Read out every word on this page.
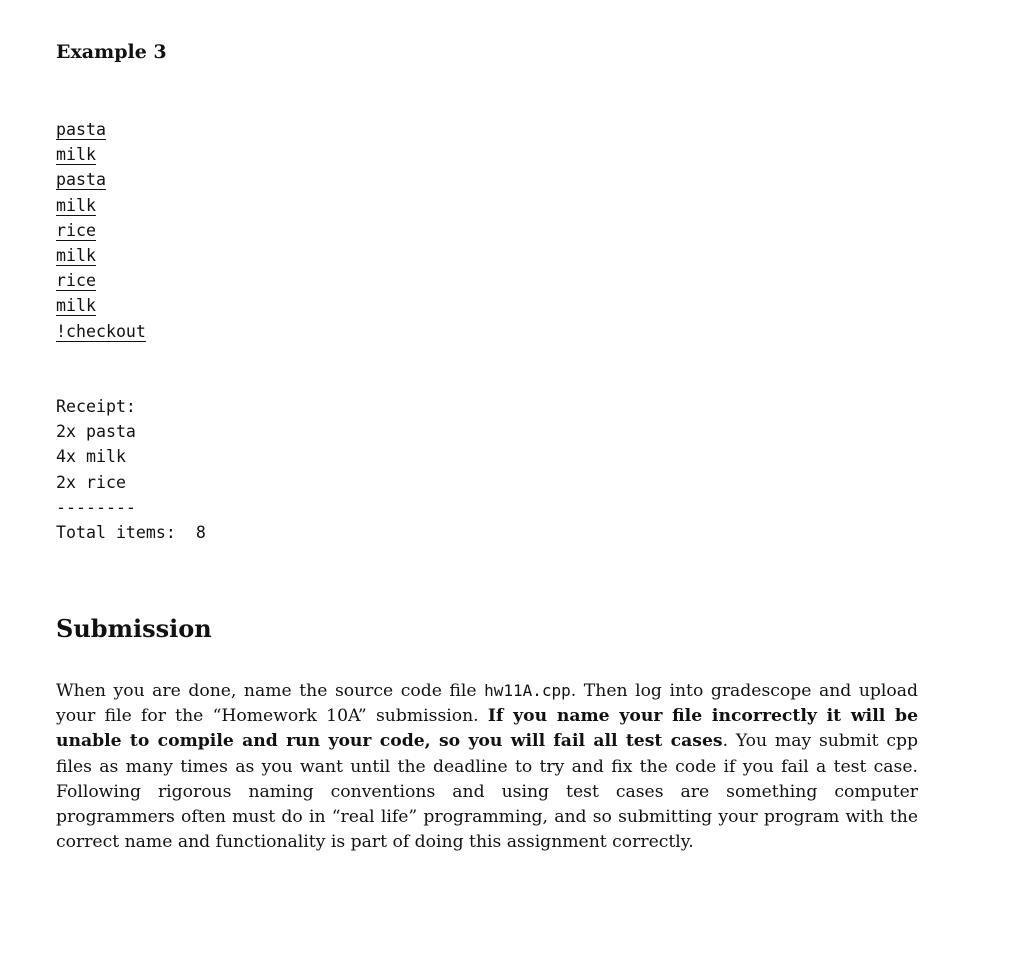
Example 3
pasta
milk
pasta
milk
rice
milk
rice
milk
!checkout
Receipt:
2x pasta
4x milk
2x rice
--------
Total items:  8
Submission

When you are done, name the source code file hw11A.cpp. Then log into gradescope and upload your file for the “Homework 10A” submission. If you name your file incorrectly it will be unable to compile and run your code, so you will fail all test cases. You may submit cpp files as many times as you want until the deadline to try and fix the code if you fail a test case. Following rigorous naming conventions and using test cases are something computer programmers often must do in “real life” programming, and so submitting your program with the correct name and functionality is part of doing this assignment correctly.
